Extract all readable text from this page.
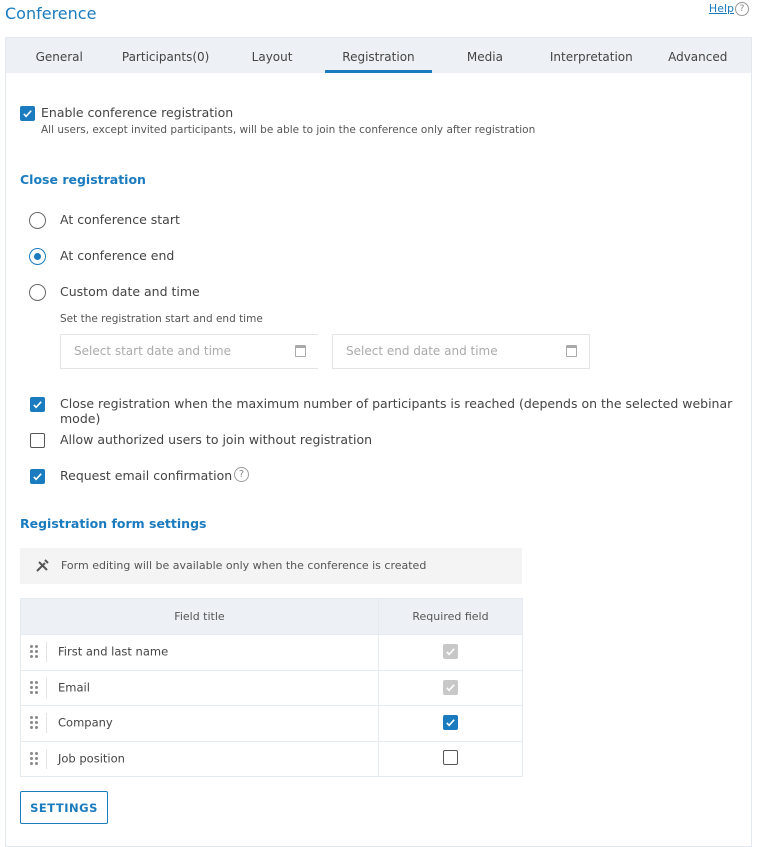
Conference	Help ?
General	Participants(0)	Layout	Registration	Media	Interpretation	Advanced
Enable conference registration
All users, except invited participants, will be able to join the conference only after registration
Close registration
At conference start
At conference end
Custom date and time
Set the registration start and end time
Select start date and time	Select end date and time
Close registration when the maximum number of participants is reached (depends on the selected webinar mode)
Allow authorized users to join without registration
Request email confirmation ?
Registration form settings
Form editing will be available only when the conference is created
Field title	Required field
First and last name	

Email	

Company	

Job position	
SETTINGS
